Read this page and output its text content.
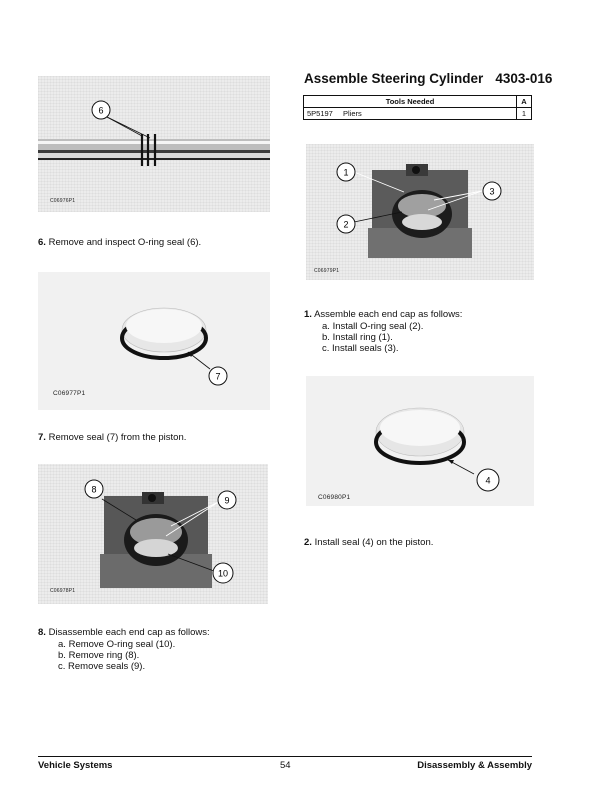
6
C06976P1
6. Remove and inspect O-ring seal (6).
7
C06977P1
7. Remove seal (7) from the piston.
8
9
10
C06978P1
8. Disassemble each end cap as follows:
a. Remove O-ring seal (10).
b. Remove ring (8).
c. Remove seals (9).
Assemble Steering Cylinder 4303-016
Tools Needed		A
5P5197	Pliers	1
1
3
2
C06979P1
1. Assemble each end cap as follows:
a. Install O-ring seal (2).
b. Install ring (1).
c. Install seals (3).
4
C06980P1
2. Install seal (4) on the piston.
Vehicle Systems	54	Disassembly & Assembly
